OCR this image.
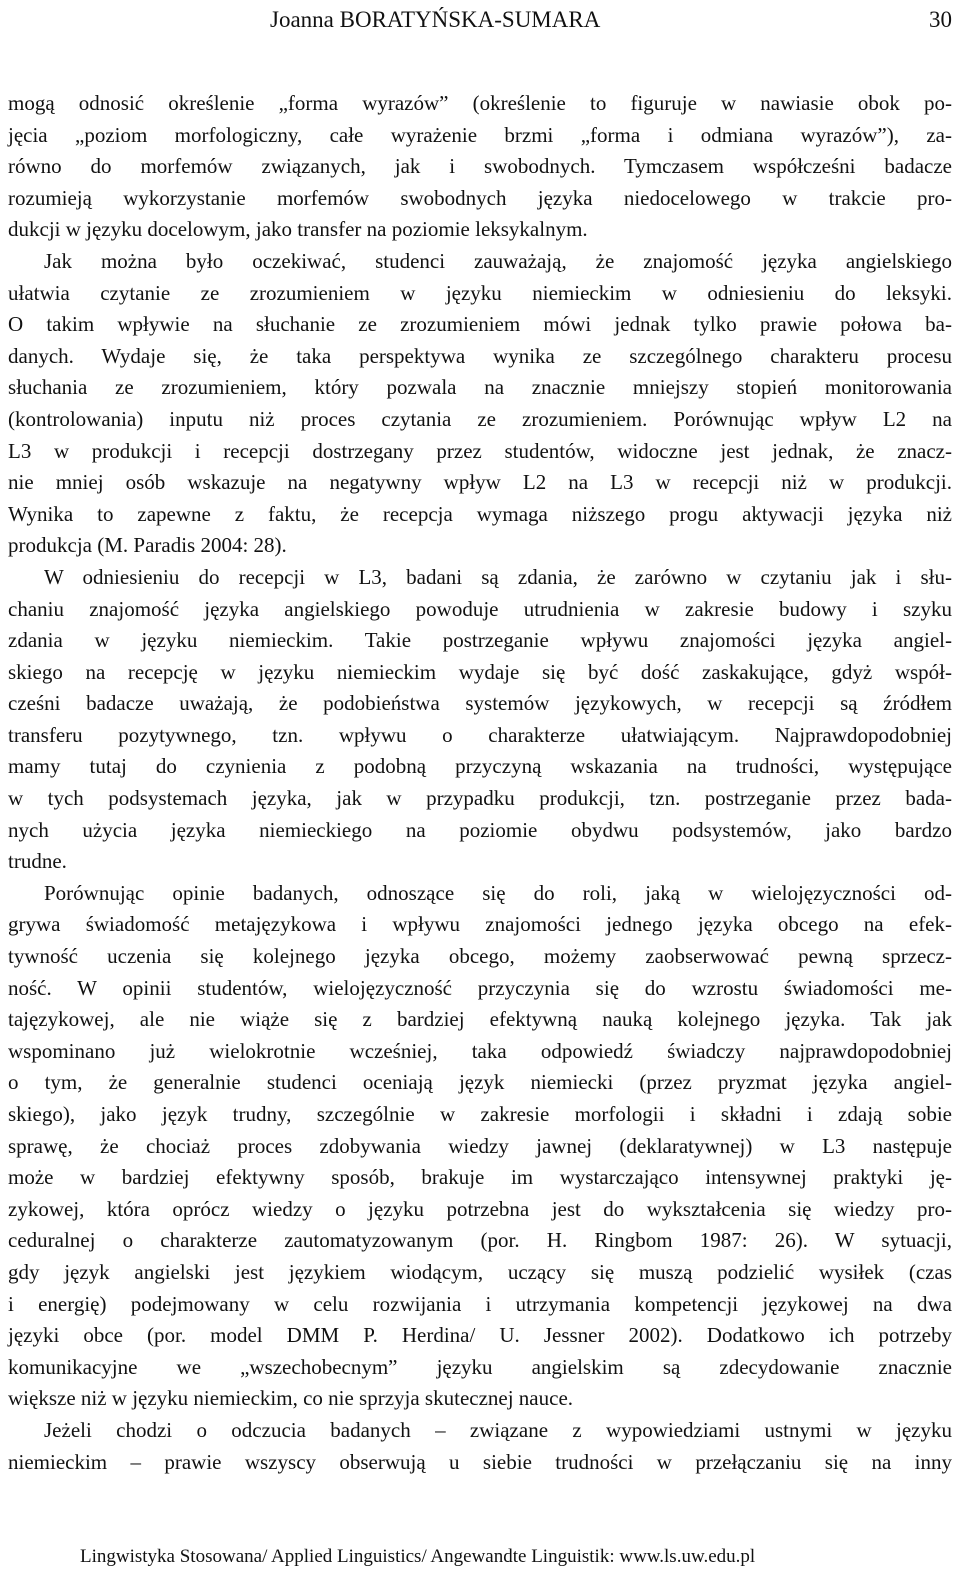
Joanna BORATYŃSKA-SUMARA	30

mogą odnosić określenie „forma wyrazów” (określenie to figuruje w nawiasie obok po-

jęcia „poziom morfologiczny, całe wyrażenie brzmi „forma i odmiana wyrazów”), za-

równo do morfemów związanych, jak i swobodnych. Tymczasem współcześni badacze

rozumieją wykorzystanie morfemów swobodnych języka niedocelowego w trakcie pro-

dukcji w języku docelowym, jako transfer na poziomie leksykalnym.

Jak można było oczekiwać, studenci zauważają, że znajomość języka angielskiego

ułatwia czytanie ze zrozumieniem w języku niemieckim w odniesieniu do leksyki.

O takim wpływie na słuchanie ze zrozumieniem mówi jednak tylko prawie połowa ba-

danych. Wydaje się, że taka perspektywa wynika ze szczególnego charakteru procesu

słuchania ze zrozumieniem, który pozwala na znacznie mniejszy stopień monitorowania

(kontrolowania) inputu niż proces czytania ze zrozumieniem. Porównując wpływ L2 na

L3 w produkcji i recepcji dostrzegany przez studentów, widoczne jest jednak, że znacz-

nie mniej osób wskazuje na negatywny wpływ L2 na L3 w recepcji niż w produkcji.

Wynika to zapewne z faktu, że recepcja wymaga niższego progu aktywacji języka niż

produkcja (M. Paradis 2004: 28).

W odniesieniu do recepcji w L3, badani są zdania, że zarówno w czytaniu jak i słu-

chaniu znajomość języka angielskiego powoduje utrudnienia w zakresie budowy i szyku

zdania w języku niemieckim. Takie postrzeganie wpływu znajomości języka angiel-

skiego na recepcję w języku niemieckim wydaje się być dość zaskakujące, gdyż współ-

cześni badacze uważają, że podobieństwa systemów językowych, w recepcji są źródłem

transferu pozytywnego, tzn. wpływu o charakterze ułatwiającym. Najprawdopodobniej

mamy tutaj do czynienia z podobną przyczyną wskazania na trudności, występujące

w tych podsystemach języka, jak w przypadku produkcji, tzn. postrzeganie przez bada-

nych użycia języka niemieckiego na poziomie obydwu podsystemów, jako bardzo

trudne.

Porównując opinie badanych, odnoszące się do roli, jaką w wielojęzyczności od-

grywa świadomość metajęzykowa i wpływu znajomości jednego języka obcego na efek-

tywność uczenia się kolejnego języka obcego, możemy zaobserwować pewną sprzecz-

ność. W opinii studentów, wielojęzyczność przyczynia się do wzrostu świadomości me-

tajęzykowej, ale nie wiąże się z bardziej efektywną nauką kolejnego języka. Tak jak

wspominano już wielokrotnie wcześniej, taka odpowiedź świadczy najprawdopodobniej

o tym, że generalnie studenci oceniają język niemiecki (przez pryzmat języka angiel-

skiego), jako język trudny, szczególnie w zakresie morfologii i składni i zdają sobie

sprawę, że chociaż proces zdobywania wiedzy jawnej (deklaratywnej) w L3 następuje

może w bardziej efektywny sposób, brakuje im wystarczająco intensywnej praktyki ję-

zykowej, która oprócz wiedzy o języku potrzebna jest do wykształcenia się wiedzy pro-

ceduralnej o charakterze zautomatyzowanym (por. H. Ringbom 1987: 26). W sytuacji,

gdy język angielski jest językiem wiodącym, uczący się muszą podzielić wysiłek (czas

i energię) podejmowany w celu rozwijania i utrzymania kompetencji językowej na dwa

języki obce (por. model DMM P. Herdina/ U. Jessner 2002). Dodatkowo ich potrzeby

komunikacyjne we „wszechobecnym” języku angielskim są zdecydowanie znacznie

większe niż w języku niemieckim, co nie sprzyja skutecznej nauce.

Jeżeli chodzi o odczucia badanych – związane z wypowiedziami ustnymi w języku

niemieckim – prawie wszyscy obserwują u siebie trudności w przełączaniu się na inny

Lingwistyka Stosowana/ Applied Linguistics/ Angewandte Linguistik: www.ls.uw.edu.pl
